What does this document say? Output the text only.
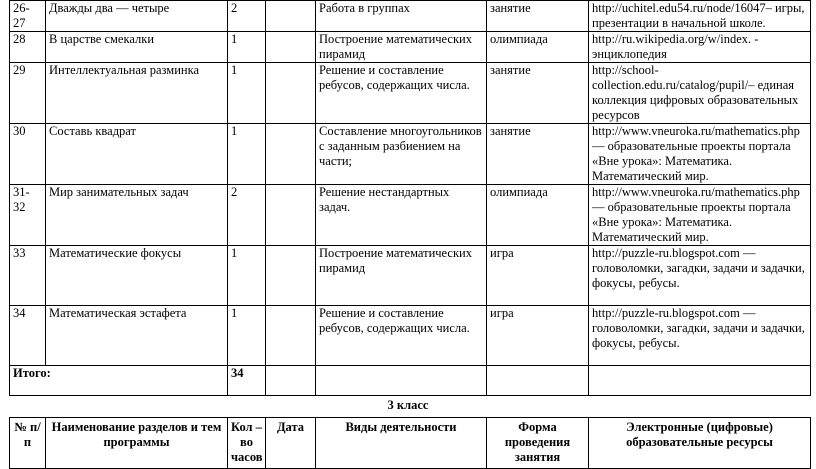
26-27	Дважды два — четыре	2		Работа в группах	занятие	http://uchitel.edu54.ru/node/16047– игры, презентации в начальной школе.
28	В царстве смекалки	1		Построение математических пирамид	олимпиада	http://ru.wikipedia.org/w/index. - энциклопедия
29	Интеллектуальная разминка	1		Решение и составление ребусов, содержащих числа.	занятие	http://school-collection.edu.ru/catalog/pupil/– единая коллекция цифровых образовательных ресурсов
30	Составь квадрат	1		Составление многоугольников с заданным разбиением на части;	занятие	http://www.vneuroka.ru/mathematics.php — образовательные проекты портала «Вне урока»: Математика. Математический мир.
31-32	Мир занимательных задач	2		Решение нестандартных задач.	олимпиада	http://www.vneuroka.ru/mathematics.php — образовательные проекты портала «Вне урока»: Математика. Математический мир.
33	Математические фокусы	1		Построение математических пирамид	игра	http://puzzle-ru.blogspot.com — головоломки, загадки, задачи и задачки, фокусы, ребусы.
34	Математическая эстафета	1		Решение и составление ребусов, содержащих числа.	игра	http://puzzle-ru.blogspot.com — головоломки, загадки, задачи и задачки, фокусы, ребусы.
Итого:		34				
3 класс
№ п/п	Наименование разделов и тем программы	Кол – во часов	Дата	Виды деятельности	Форма проведения занятия	Электронные (цифровые) образовательные ресурсы
